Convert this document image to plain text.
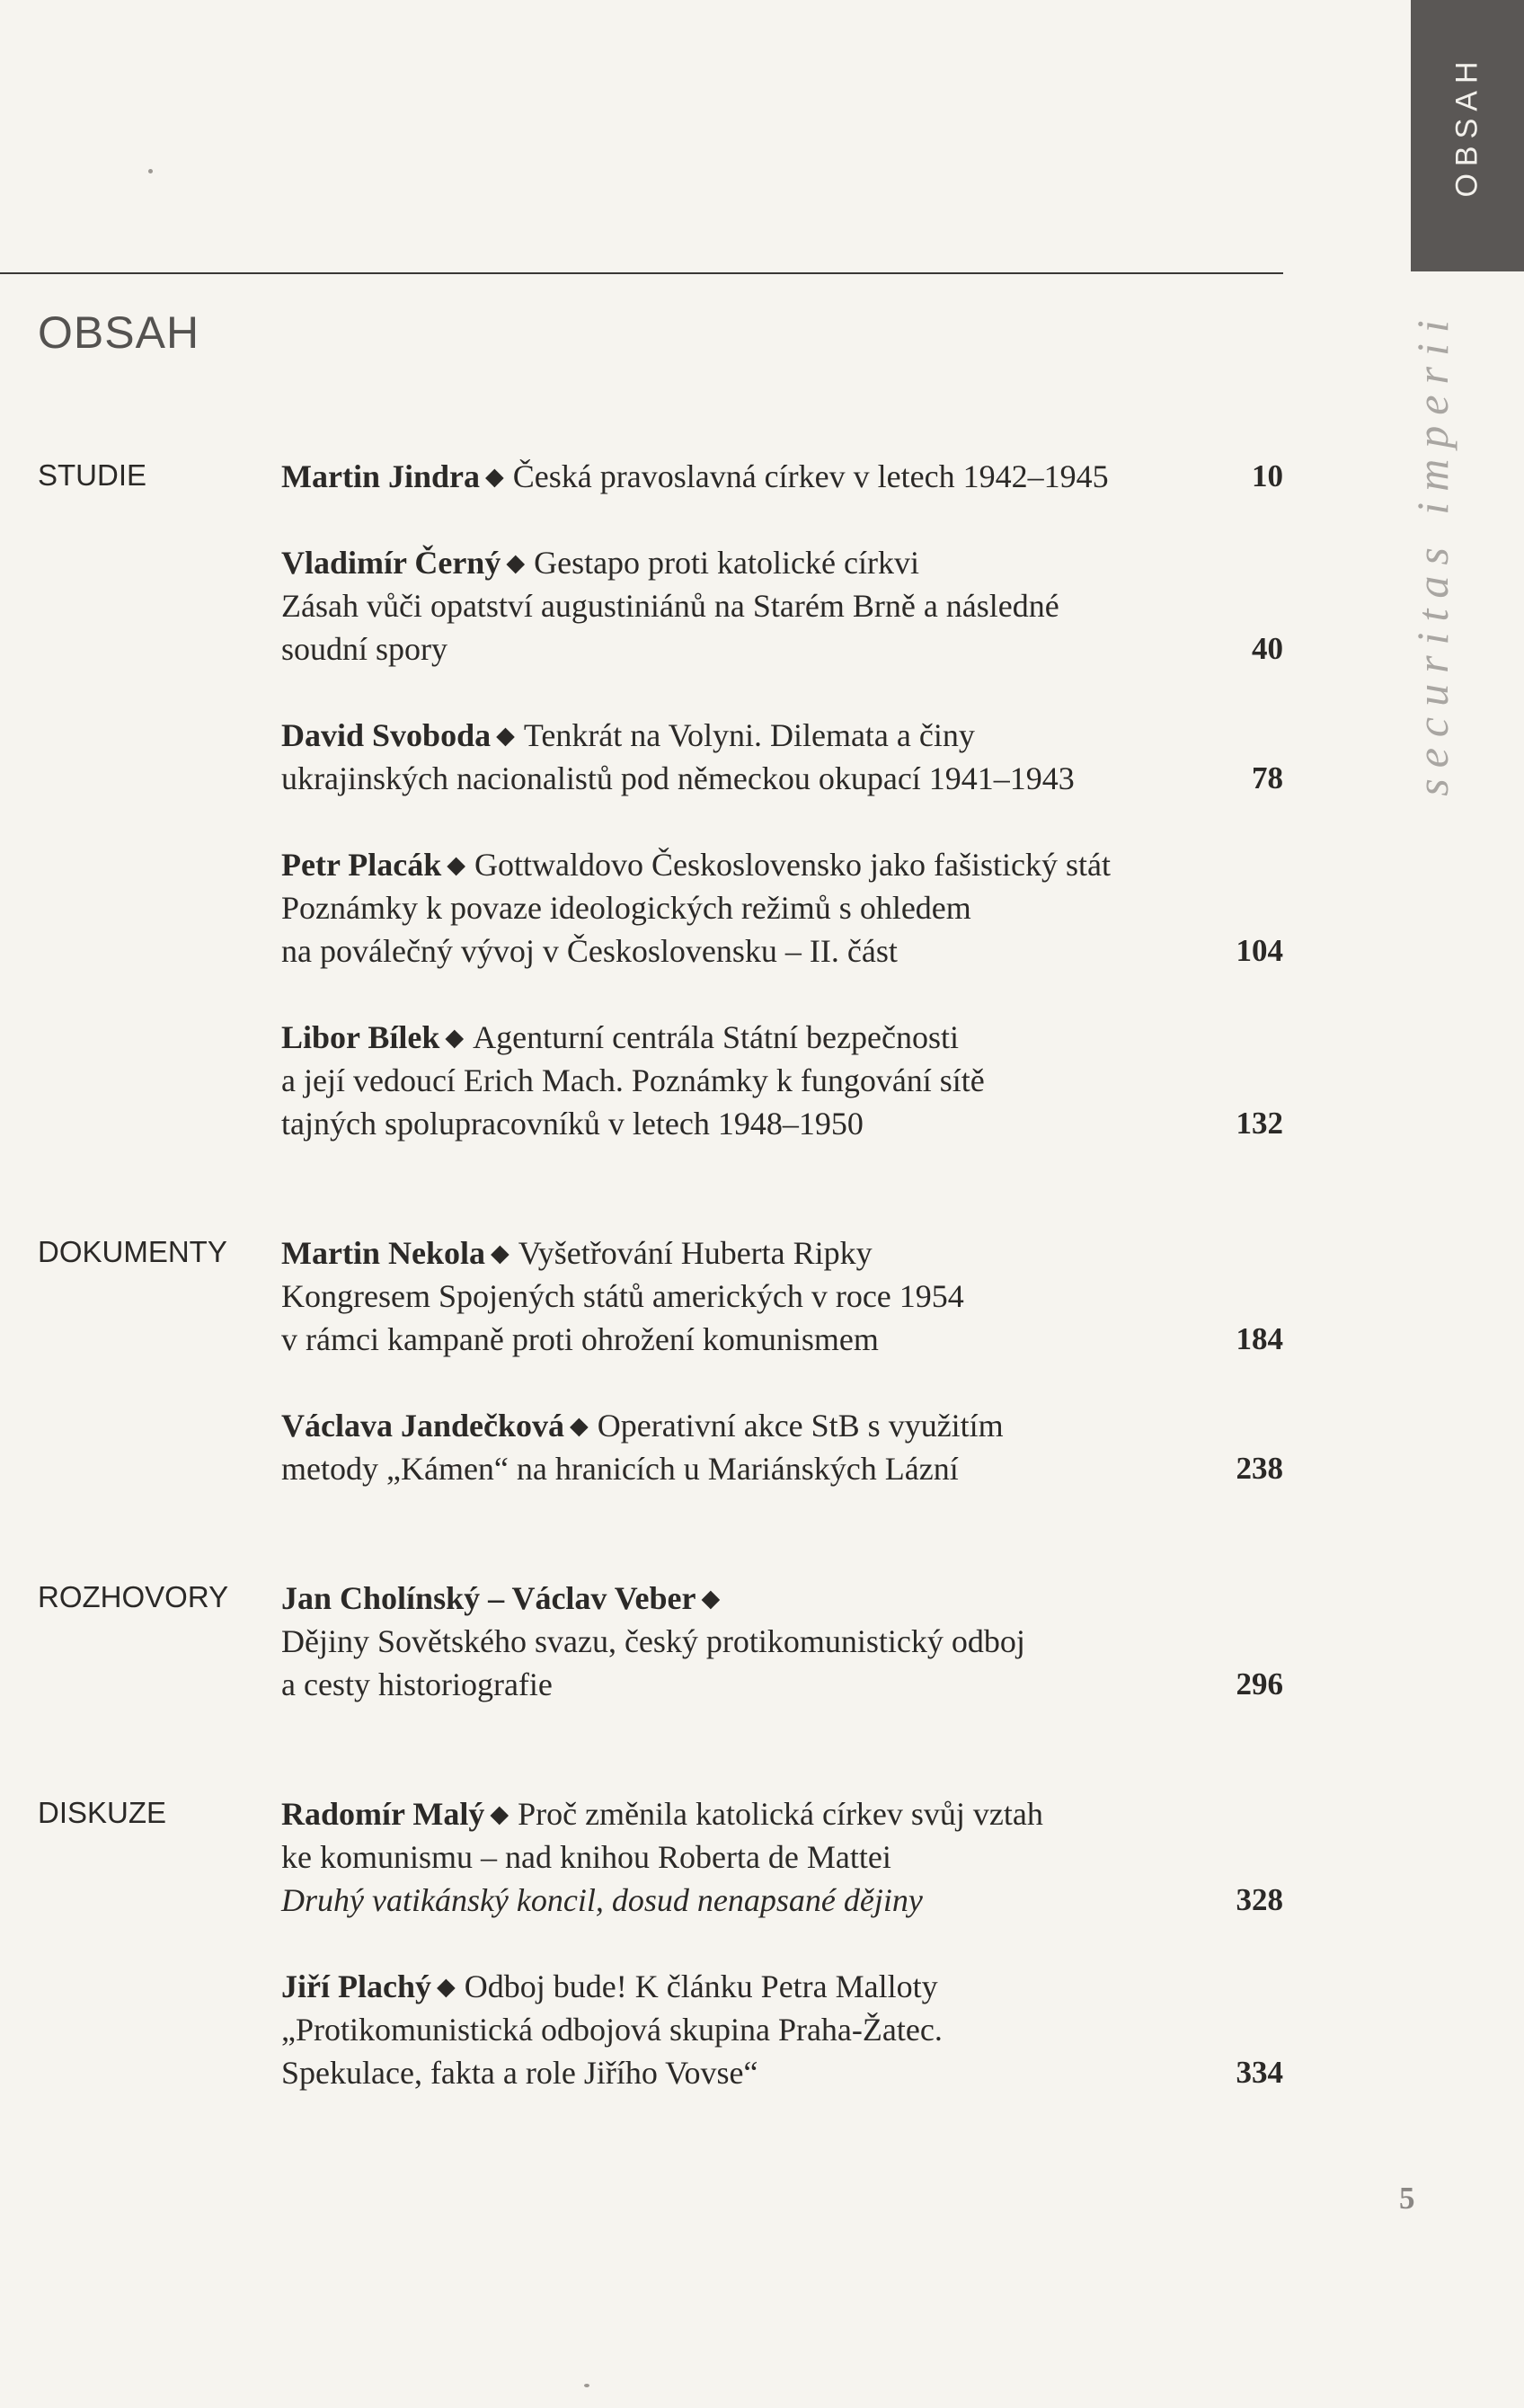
OBSAH
securitas imperii
OBSAH
STUDIE	Martin Jindra ◆ Česká pravoslavná církev v letech 1942–1945	10
Vladimír Černý ◆ Gestapo proti katolické církvi
Zásah vůči opatství augustiniánů na Starém Brně a následné
soudní spory	40
David Svoboda ◆ Tenkrát na Volyni. Dilemata a činy
ukrajinských nacionalistů pod německou okupací 1941–1943	78
Petr Placák ◆ Gottwaldovo Československo jako fašistický stát
Poznámky k povaze ideologických režimů s ohledem
na poválečný vývoj v Československu – II. část	104
Libor Bílek ◆ Agenturní centrála Státní bezpečnosti
a její vedoucí Erich Mach. Poznámky k fungování sítě
tajných spolupracovníků v letech 1948–1950	132
DOKUMENTY Martin Nekola ◆ Vyšetřování Huberta Ripky
Kongresem Spojených států amerických v roce 1954
v rámci kampaně proti ohrožení komunismem	184
Václava Jandečková ◆ Operativní akce StB s využitím
metody „Kámen“ na hranicích u Mariánských Lázní	238
ROZHOVORY Jan Cholínský – Václav Veber ◆
Dějiny Sovětského svazu, český protikomunistický odboj
a cesty historiografie	296
DISKUZE	Radomír Malý ◆ Proč změnila katolická církev svůj vztah
ke komunismu – nad knihou Roberta de Mattei
Druhý vatikánský koncil, dosud nenapsané dějiny	328
Jiří Plachý ◆ Odboj bude! K článku Petra Malloty
„Protikomunistická odbojová skupina Praha-Žatec.
Spekulace, fakta a role Jiřího Vovse“	334
5
